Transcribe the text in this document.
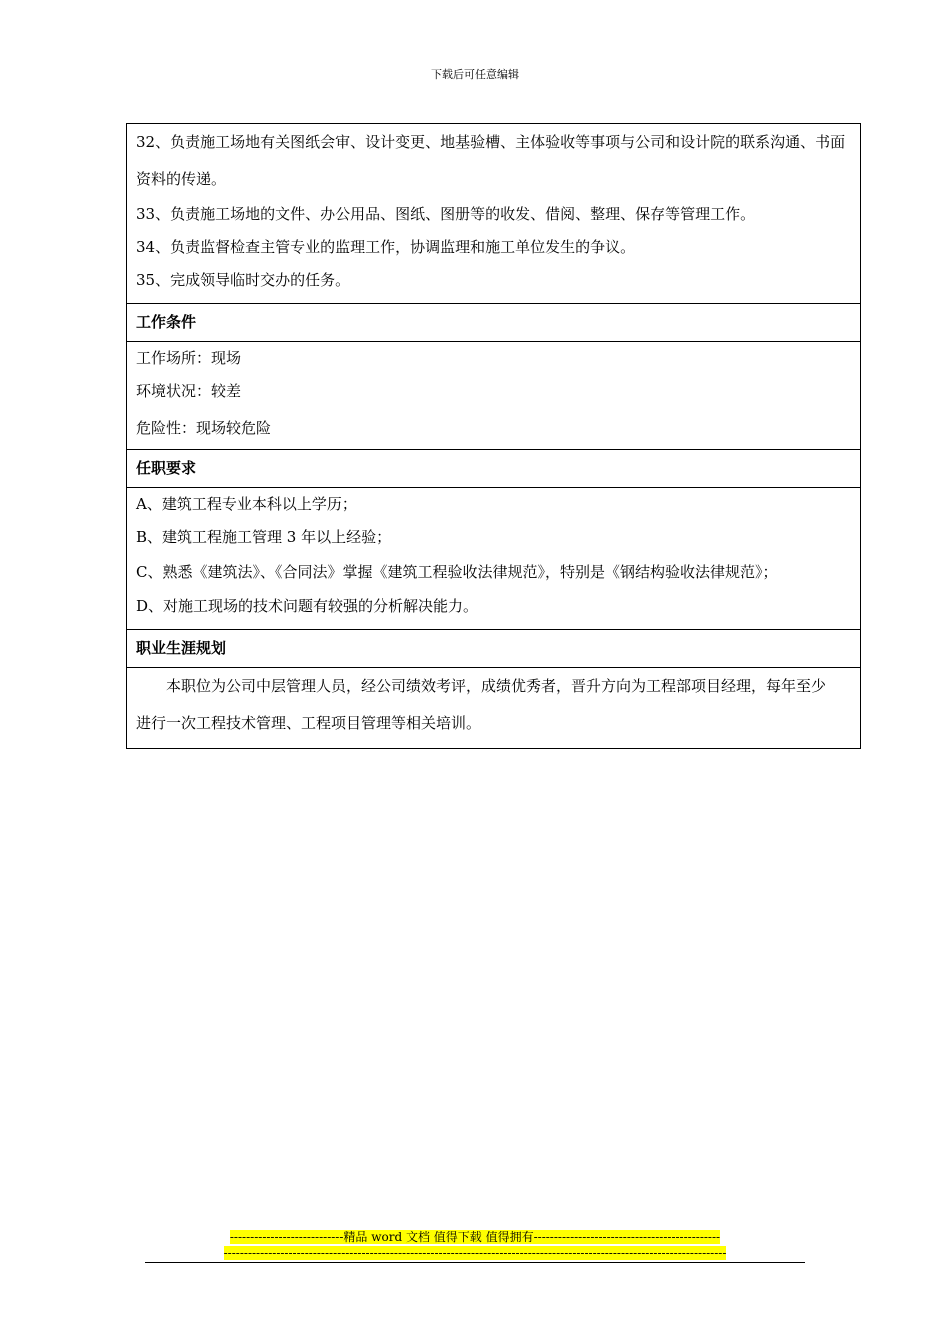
下载后可任意编辑
32、负责施工场地有关图纸会审、设计变更、地基验槽、主体验收等事项与公司和设计院的联系沟通、书面资料的传递。
33、负责施工场地的文件、办公用品、图纸、图册等的收发、借阅、整理、保存等管理工作。
34、负责监督检查主管专业的监理工作，协调监理和施工单位发生的争议。
35、完成领导临时交办的任务。
工作条件
工作场所：现场
环境状况：较差
危险性：现场较危险
任职要求
A、建筑工程专业本科以上学历；
B、建筑工程施工管理 3 年以上经验；
C、熟悉《建筑法》、《合同法》掌握《建筑工程验收法律规范》，特别是《钢结构验收法律规范》；
D、对施工现场的技术问题有较强的分析解决能力。
职业生涯规划
本职位为公司中层管理人员，经公司绩效考评，成绩优秀者，晋升方向为工程部项目经理，每年至少进行一次工程技术管理、工程项目管理等相关培训。
----------------------------精品 word 文档 值得下载 值得拥有----------------------------------------------
----------------------------------------------------------------------------------------------------------------------------
